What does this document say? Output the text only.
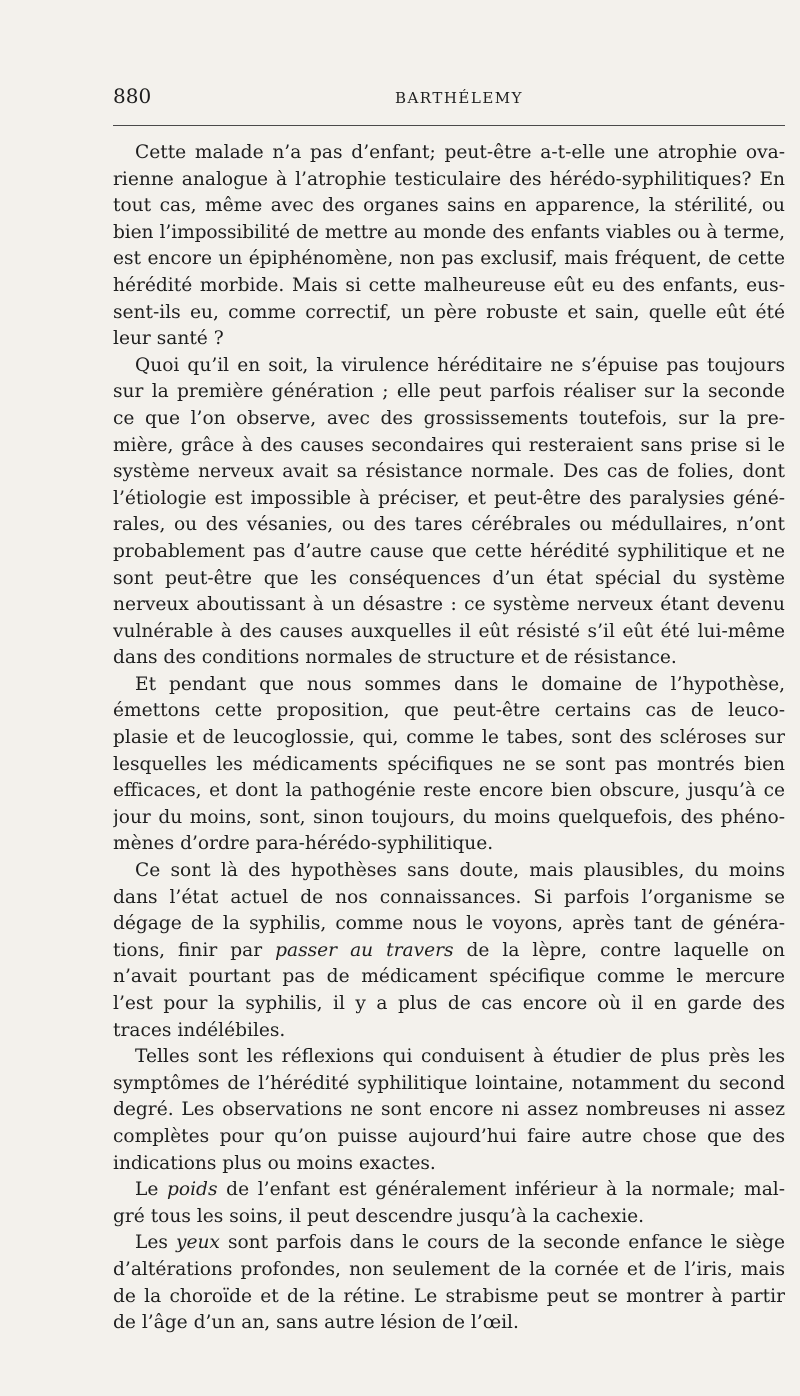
880	BARTHÉLEMY
Cette malade n’a pas d’enfant; peut-être a-t-elle une atrophie ova-
rienne analogue à l’atrophie testiculaire des hérédo-syphilitiques? En
tout cas, même avec des organes sains en apparence, la stérilité, ou
bien l’impossibilité de mettre au monde des enfants viables ou à terme,
est encore un épiphénomène, non pas exclusif, mais fréquent, de cette
hérédité morbide. Mais si cette malheureuse eût eu des enfants, eus-
sent-ils eu, comme correctif, un père robuste et sain, quelle eût été
leur santé ?
Quoi qu’il en soit, la virulence héréditaire ne s’épuise pas toujours
sur la première génération ; elle peut parfois réaliser sur la seconde
ce que l’on observe, avec des grossissements toutefois, sur la pre-
mière, grâce à des causes secondaires qui resteraient sans prise si le
système nerveux avait sa résistance normale. Des cas de folies, dont
l’étiologie est impossible à préciser, et peut-être des paralysies géné-
rales, ou des vésanies, ou des tares cérébrales ou médullaires, n’ont
probablement pas d’autre cause que cette hérédité syphilitique et ne
sont peut-être que les conséquences d’un état spécial du système
nerveux aboutissant à un désastre : ce système nerveux étant devenu
vulnérable à des causes auxquelles il eût résisté s’il eût été lui-même
dans des conditions normales de structure et de résistance.
Et pendant que nous sommes dans le domaine de l’hypothèse,
émettons cette proposition, que peut-être certains cas de leuco-
plasie et de leucoglossie, qui, comme le tabes, sont des scléroses sur
lesquelles les médicaments spécifiques ne se sont pas montrés bien
efficaces, et dont la pathogénie reste encore bien obscure, jusqu’à ce
jour du moins, sont, sinon toujours, du moins quelquefois, des phéno-
mènes d’ordre para-hérédo-syphilitique.
Ce sont là des hypothèses sans doute, mais plausibles, du moins
dans l’état actuel de nos connaissances. Si parfois l’organisme se
dégage de la syphilis, comme nous le voyons, après tant de généra-
tions, finir par passer au travers de la lèpre, contre laquelle on
n’avait pourtant pas de médicament spécifique comme le mercure
l’est pour la syphilis, il y a plus de cas encore où il en garde des
traces indélébiles.
Telles sont les réflexions qui conduisent à étudier de plus près les
symptômes de l’hérédité syphilitique lointaine, notamment du second
degré. Les observations ne sont encore ni assez nombreuses ni assez
complètes pour qu’on puisse aujourd’hui faire autre chose que des
indications plus ou moins exactes.
Le poids de l’enfant est généralement inférieur à la normale; mal-
gré tous les soins, il peut descendre jusqu’à la cachexie.
Les yeux sont parfois dans le cours de la seconde enfance le siège
d’altérations profondes, non seulement de la cornée et de l’iris, mais
de la choroïde et de la rétine. Le strabisme peut se montrer à partir
de l’âge d’un an, sans autre lésion de l’œil.
